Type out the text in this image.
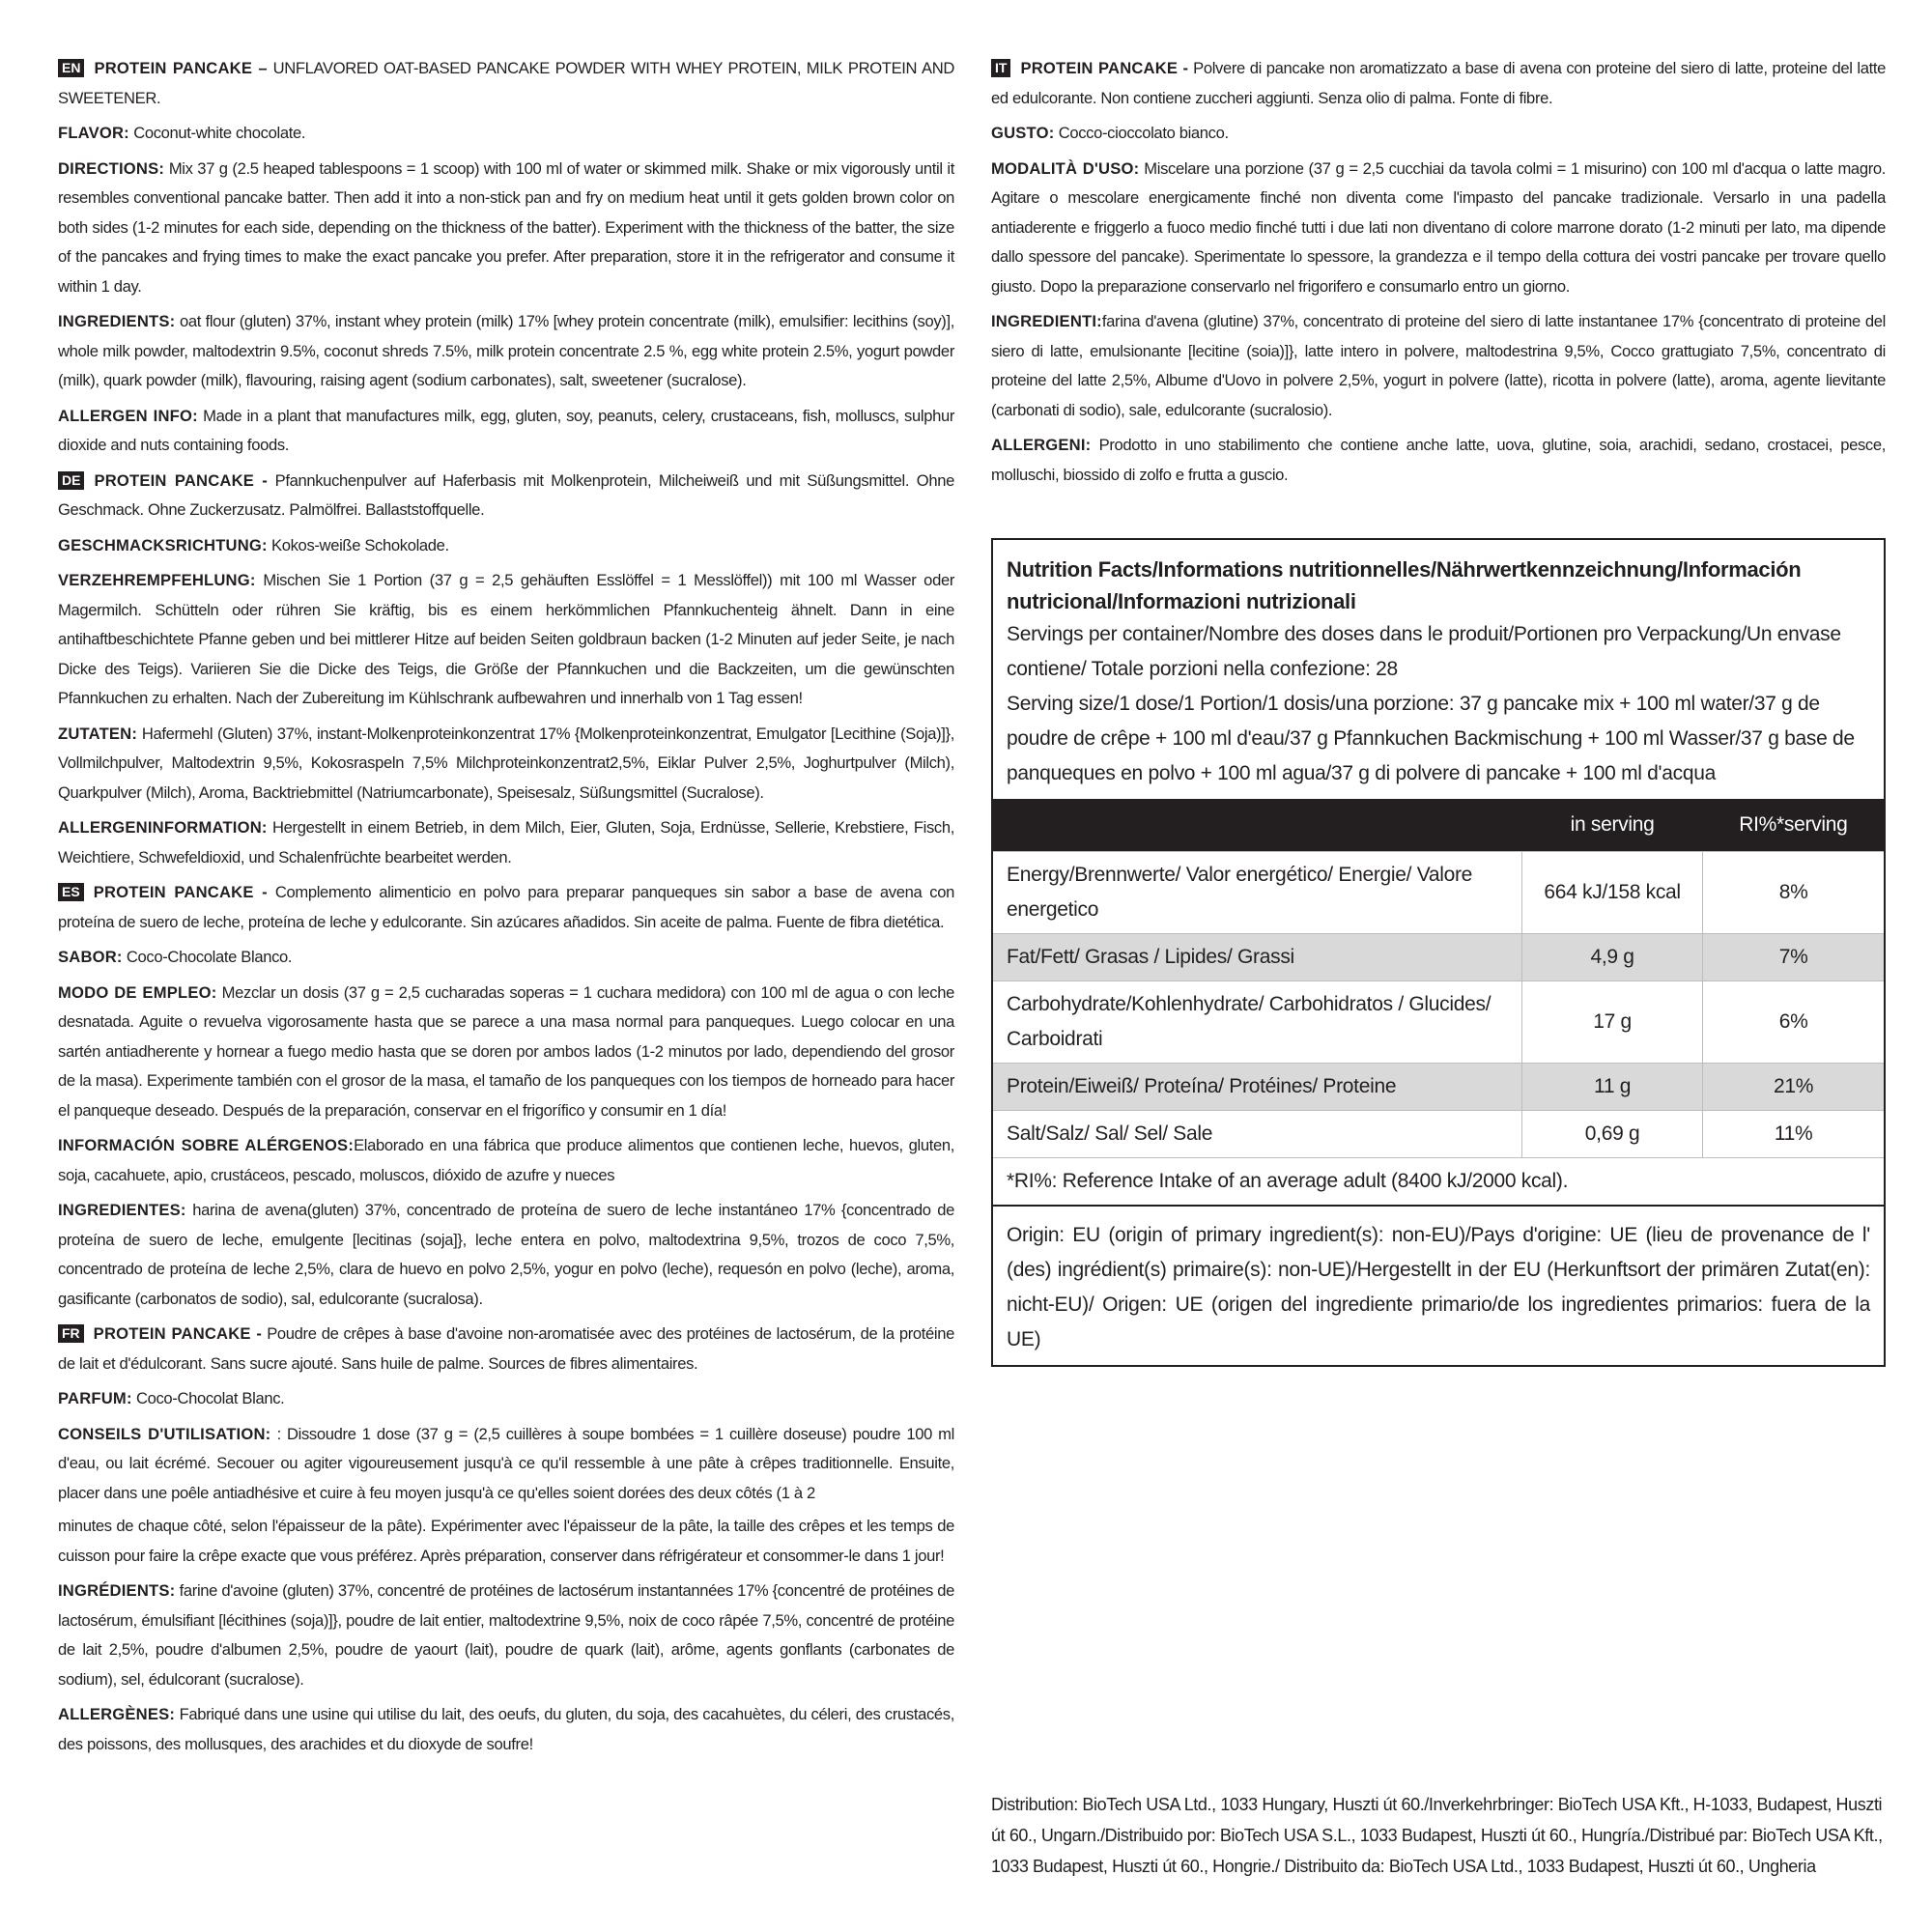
EN PROTEIN PANCAKE – UNFLAVORED OAT-BASED PANCAKE POWDER WITH WHEY PROTEIN, MILK PROTEIN AND SWEETENER.

FLAVOR: Coconut-white chocolate.

DIRECTIONS: Mix 37 g (2.5 heaped tablespoons = 1 scoop) with 100 ml of water or skimmed milk. Shake or mix vigorously until it resembles conventional pancake batter. Then add it into a non-stick pan and fry on medium heat until it gets golden brown color on both sides (1-2 minutes for each side, depending on the thickness of the batter). Experiment with the thickness of the batter, the size of the pancakes and frying times to make the exact pancake you prefer. After preparation, store it in the refrigerator and consume it within 1 day.

INGREDIENTS: oat flour (gluten) 37%, instant whey protein (milk) 17% [whey protein concentrate (milk), emulsifier: lecithins (soy)], whole milk powder, maltodextrin 9.5%, coconut shreds 7.5%, milk protein concentrate 2.5 %, egg white protein 2.5%, yogurt powder (milk), quark powder (milk), flavouring, raising agent (sodium carbonates), salt, sweetener (sucralose).

ALLERGEN INFO: Made in a plant that manufactures milk, egg, gluten, soy, peanuts, celery, crustaceans, fish, molluscs, sulphur dioxide and nuts containing foods.

DE PROTEIN PANCAKE - Pfannkuchenpulver auf Haferbasis mit Molkenprotein, Milcheiweiß und mit Süßungsmittel. Ohne Geschmack. Ohne Zuckerzusatz. Palmölfrei. Ballaststoffquelle.

GESCHMACKSRICHTUNG: Kokos-weiße Schokolade.

VERZEHREMPFEHLUNG: Mischen Sie 1 Portion (37 g = 2,5 gehäuften Esslöffel = 1 Messlöffel)) mit 100 ml Wasser oder Magermilch. Schütteln oder rühren Sie kräftig, bis es einem herkömmlichen Pfannkuchenteig ähnelt. Dann in eine antihaftbeschichtete Pfanne geben und bei mittlerer Hitze auf beiden Seiten goldbraun backen (1-2 Minuten auf jeder Seite, je nach Dicke des Teigs). Variieren Sie die Dicke des Teigs, die Größe der Pfannkuchen und die Backzeiten, um die gewünschten Pfannkuchen zu erhalten. Nach der Zubereitung im Kühlschrank aufbewahren und innerhalb von 1 Tag essen!

ZUTATEN: Hafermehl (Gluten) 37%, instant-Molkenproteinkonzentrat 17% {Molkenproteinkonzentrat, Emulgator [Lecithine (Soja)]}, Vollmilchpulver, Maltodextrin 9,5%, Kokosraspeln 7,5% Milchproteinkonzentrat2,5%, Eiklar Pulver 2,5%, Joghurtpulver (Milch), Quarkpulver (Milch), Aroma, Backtriebmittel (Natriumcarbonate), Speisesalz, Süßungsmittel (Sucralose).

ALLERGENINFORMATION: Hergestellt in einem Betrieb, in dem Milch, Eier, Gluten, Soja, Erdnüsse, Sellerie, Krebstiere, Fisch, Weichtiere, Schwefeldioxid, und Schalenfrüchte bearbeitet werden.

ES PROTEIN PANCAKE - Complemento alimenticio en polvo para preparar panqueques sin sabor a base de avena con proteína de suero de leche, proteína de leche y edulcorante. Sin azúcares añadidos. Sin aceite de palma. Fuente de fibra dietética.

SABOR: Coco-Chocolate Blanco.

MODO DE EMPLEO: Mezclar un dosis (37 g = 2,5 cucharadas soperas = 1 cuchara medidora) con 100 ml de agua o con leche desnatada. Aguite o revuelva vigorosamente hasta que se parece a una masa normal para panqueques. Luego colocar en una sartén antiadherente y hornear a fuego medio hasta que se doren por ambos lados (1-2 minutos por lado, dependiendo del grosor de la masa). Experimente también con el grosor de la masa, el tamaño de los panqueques con los tiempos de horneado para hacer el panqueque deseado. Después de la preparación, conservar en el frigorífico y consumir en 1 día!

INFORMACIÓN SOBRE ALÉRGENOS:Elaborado en una fábrica que produce alimentos que contienen leche, huevos, gluten, soja, cacahuete, apio, crustáceos, pescado, moluscos, dióxido de azufre y nueces

INGREDIENTES: harina de avena(gluten) 37%, concentrado de proteína de suero de leche instantáneo 17% {concentrado de proteína de suero de leche, emulgente [lecitinas (soja]}, leche entera en polvo, maltodextrina 9,5%, trozos de coco 7,5%, concentrado de proteína de leche 2,5%, clara de huevo en polvo 2,5%, yogur en polvo (leche), requesón en polvo (leche), aroma, gasificante (carbonatos de sodio), sal, edulcorante (sucralosa).

FR PROTEIN PANCAKE - Poudre de crêpes à base d'avoine non-aromatisée avec des protéines de lactosérum, de la protéine de lait et d'édulcorant. Sans sucre ajouté. Sans huile de palme. Sources de fibres alimentaires.

PARFUM: Coco-Chocolat Blanc.

CONSEILS D'UTILISATION: : Dissoudre 1 dose (37 g = (2,5 cuillères à soupe bombées = 1 cuillère doseuse) poudre 100 ml d'eau, ou lait écrémé. Secouer ou agiter vigoureusement jusqu'à ce qu'il ressemble à une pâte à crêpes traditionnelle. Ensuite, placer dans une poêle antiadhésive et cuire à feu moyen jusqu'à ce qu'elles soient dorées des deux côtés (1 à 2

minutes de chaque côté, selon l'épaisseur de la pâte). Expérimenter avec l'épaisseur de la pâte, la taille des crêpes et les temps de cuisson pour faire la crêpe exacte que vous préférez. Après préparation, conserver dans réfrigérateur et consommer-le dans 1 jour!

INGRÉDIENTS: farine d'avoine (gluten) 37%, concentré de protéines de lactosérum instantannées 17% {concentré de protéines de lactosérum, émulsifiant [lécithines (soja)]}, poudre de lait entier, maltodextrine 9,5%, noix de coco râpée 7,5%, concentré de protéine de lait 2,5%, poudre d'albumen 2,5%, poudre de yaourt (lait), poudre de quark (lait), arôme, agents gonflants (carbonates de sodium), sel, édulcorant (sucralose).

ALLERGÈNES: Fabriqué dans une usine qui utilise du lait, des oeufs, du gluten, du soja, des cacahuètes, du céleri, des crustacés, des poissons, des mollusques, des arachides et du dioxyde de soufre!

IT PROTEIN PANCAKE - Polvere di pancake non aromatizzato a base di avena con proteine del siero di latte, proteine del latte ed edulcorante. Non contiene zuccheri aggiunti. Senza olio di palma. Fonte di fibre.

GUSTO: Cocco-cioccolato bianco.

MODALITÀ D'USO: Miscelare una porzione (37 g = 2,5 cucchiai da tavola colmi = 1 misurino) con 100 ml d'acqua o latte magro. Agitare o mescolare energicamente finché non diventa come l'impasto del pancake tradizionale. Versarlo in una padella antiaderente e friggerlo a fuoco medio finché tutti i due lati non diventano di colore marrone dorato (1-2 minuti per lato, ma dipende dallo spessore del pancake). Sperimentate lo spessore, la grandezza e il tempo della cottura dei vostri pancake per trovare quello giusto. Dopo la preparazione conservarlo nel frigorifero e consumarlo entro un giorno.

INGREDIENTI:farina d'avena (glutine) 37%, concentrato di proteine del siero di latte instantanee 17% {concentrato di proteine del siero di latte, emulsionante [lecitine (soia)]}, latte intero in polvere, maltodestrina 9,5%, Cocco grattugiato 7,5%, concentrato di proteine del latte 2,5%, Albume d'Uovo in polvere 2,5%, yogurt in polvere (latte), ricotta in polvere (latte), aroma, agente lievitante (carbonati di sodio), sale, edulcorante (sucralosio).

ALLERGENI: Prodotto in uno stabilimento che contiene anche latte, uova, glutine, soia, arachidi, sedano, crostacei, pesce, molluschi, biossido di zolfo e frutta a guscio.

Nutrition Facts/Informations nutritionnelles/Nährwertkennzeichnung/Información nutricional/Informazioni nutrizionali
Servings per container/Nombre des doses dans le produit/Portionen pro Verpackung/Un envase contiene/ Totale porzioni nella confezione: 28
Serving size/1 dose/1 Portion/1 dosis/una porzione: 37 g pancake mix + 100 ml water/37 g de poudre de crêpe + 100 ml d'eau/37 g Pfannkuchen Backmischung + 100 ml Wasser/37 g base de panqueques en polvo + 100 ml agua/37 g di polvere di pancake + 100 ml d'acqua
	in serving	RI%*serving
Energy/Brennwerte/ Valor energético/ Energie/ Valore energetico	664 kJ/158 kcal	8%
Fat/Fett/ Grasas / Lipides/ Grassi	4,9 g	7%
Carbohydrate/Kohlenhydrate/ Carbohidratos / Glucides/ Carboidrati	17 g	6%
Protein/Eiweiß/ Proteína/ Protéines/ Proteine	11 g	21%
Salt/Salz/ Sal/ Sel/ Sale	0,69 g	11%
*RI%: Reference Intake of an average adult (8400 kJ/2000 kcal).
Origin: EU (origin of primary ingredient(s): non-EU)/Pays d'origine: UE (lieu de provenance de l' (des) ingrédient(s) primaire(s): non-UE)/Hergestellt in der EU (Herkunftsort der primären Zutat(en): nicht-EU)/ Origen: UE (origen del ingrediente primario/de los ingredientes primarios: fuera de la UE)
Distribution: BioTech USA Ltd., 1033 Hungary, Huszti út 60./Inverkehrbringer: BioTech USA Kft., H-1033, Budapest, Huszti út 60., Ungarn./Distribuido por: BioTech USA S.L., 1033 Budapest, Huszti út 60., Hungría./Distribué par: BioTech USA Kft., 1033 Budapest, Huszti út 60., Hongrie./ Distribuito da: BioTech USA Ltd., 1033 Budapest, Huszti út 60., Ungheria
